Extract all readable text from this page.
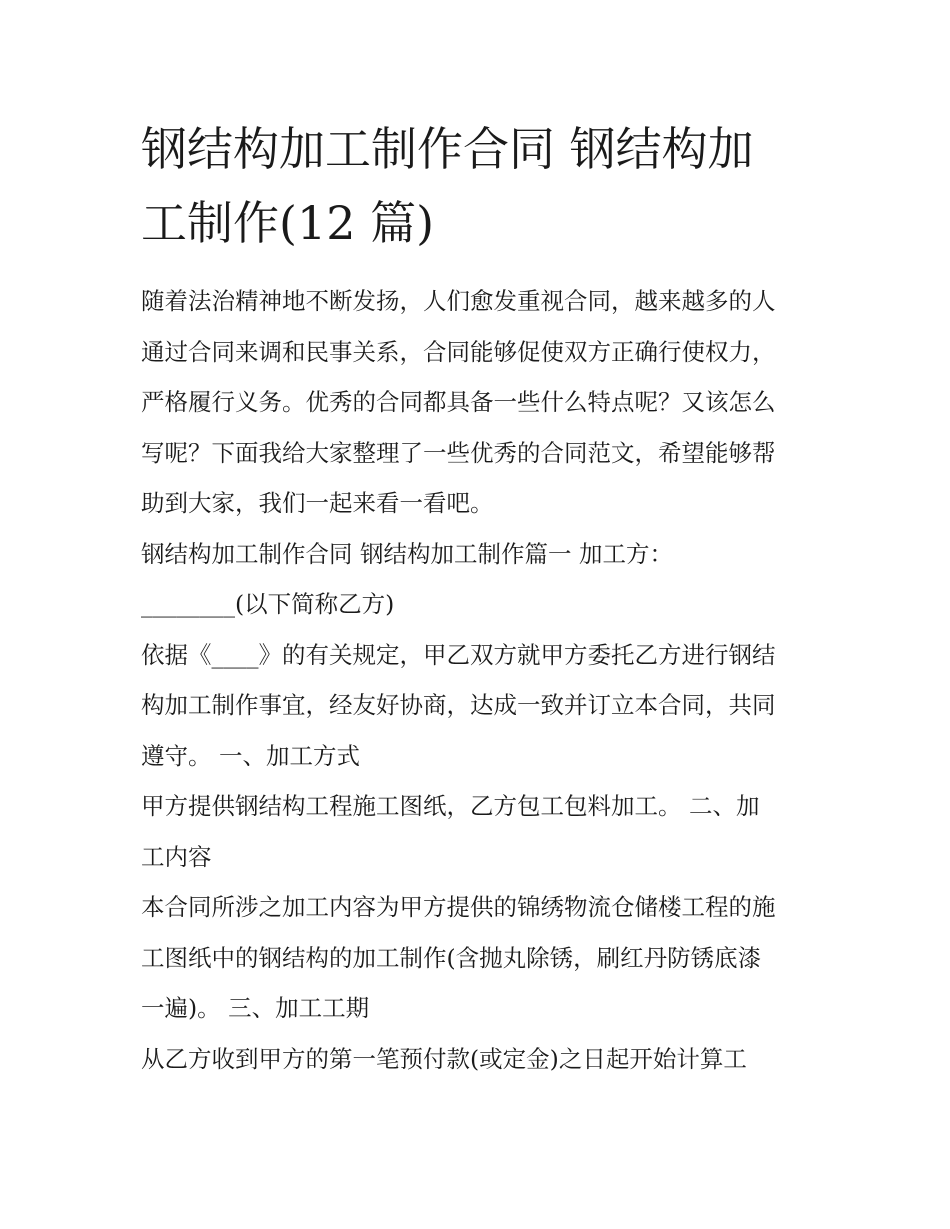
钢结构加工制作合同 钢结构加
工制作(12 篇)

随着法治精神地不断发扬，人们愈发重视合同，越来越多的人
通过合同来调和民事关系，合同能够促使双方正确行使权力，
严格履行义务。优秀的合同都具备一些什么特点呢？又该怎么
写呢？下面我给大家整理了一些优秀的合同范文，希望能够帮
助到大家，我们一起来看一看吧。

钢结构加工制作合同 钢结构加工制作篇一 加工方：

________(以下简称乙方)

依据《____》的有关规定，甲乙双方就甲方委托乙方进行钢结
构加工制作事宜，经友好协商，达成一致并订立本合同，共同
遵守。 一、加工方式

甲方提供钢结构工程施工图纸，乙方包工包料加工。 二、加
工内容

本合同所涉之加工内容为甲方提供的锦绣物流仓储楼工程的施
工图纸中的钢结构的加工制作(含抛丸除锈，刷红丹防锈底漆
一遍)。 三、加工工期

从乙方收到甲方的第一笔预付款(或定金)之日起开始计算工
